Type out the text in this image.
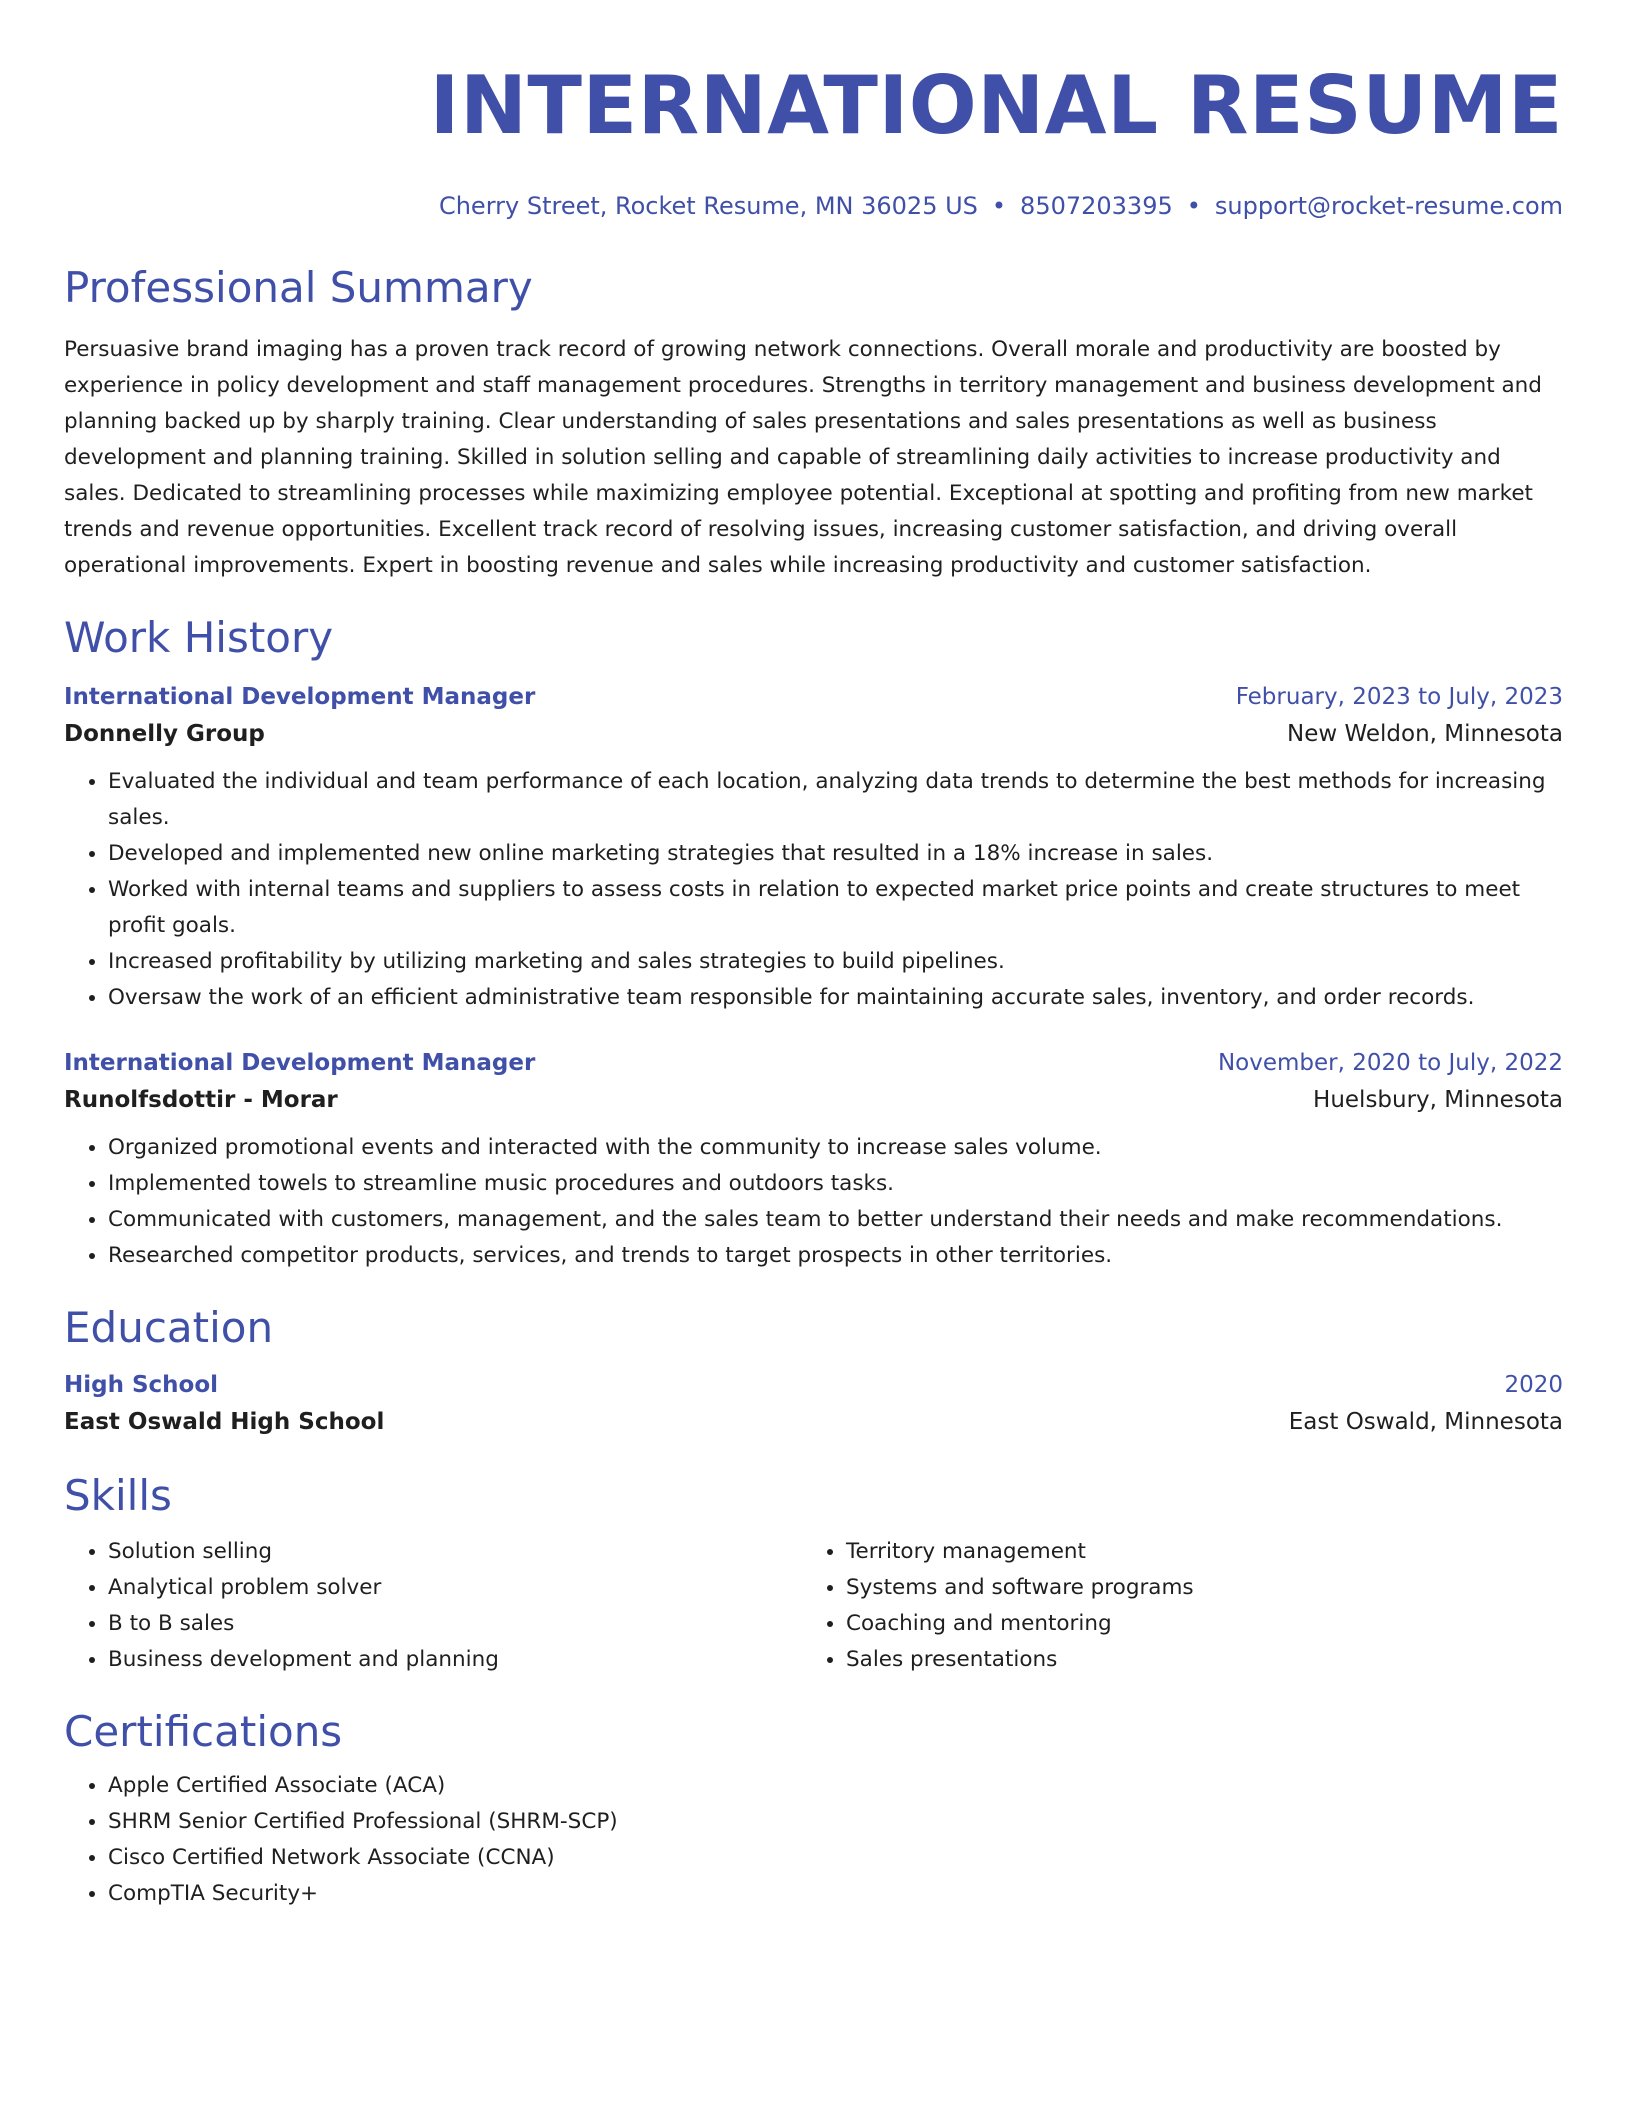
INTERNATIONAL RESUME
Cherry Street, Rocket Resume, MN 36025 US • 8507203395 • support@rocket-resume.com
Professional Summary
Persuasive brand imaging has a proven track record of growing network connections. Overall morale and productivity are boosted by experience in policy development and staff management procedures. Strengths in territory management and business development and planning backed up by sharply training. Clear understanding of sales presentations and sales presentations as well as business development and planning training. Skilled in solution selling and capable of streamlining daily activities to increase productivity and sales. Dedicated to streamlining processes while maximizing employee potential. Exceptional at spotting and profiting from new market trends and revenue opportunities. Excellent track record of resolving issues, increasing customer satisfaction, and driving overall operational improvements. Expert in boosting revenue and sales while increasing productivity and customer satisfaction.
Work History
International Development Manager	February, 2023 to July, 2023
Donnelly Group	New Weldon, Minnesota
• Evaluated the individual and team performance of each location, analyzing data trends to determine the best methods for increasing sales.
• Developed and implemented new online marketing strategies that resulted in a 18% increase in sales.
• Worked with internal teams and suppliers to assess costs in relation to expected market price points and create structures to meet profit goals.
• Increased profitability by utilizing marketing and sales strategies to build pipelines.
• Oversaw the work of an efficient administrative team responsible for maintaining accurate sales, inventory, and order records.
International Development Manager	November, 2020 to July, 2022
Runolfsdottir - Morar	Huelsbury, Minnesota
• Organized promotional events and interacted with the community to increase sales volume.
• Implemented towels to streamline music procedures and outdoors tasks.
• Communicated with customers, management, and the sales team to better understand their needs and make recommendations.
• Researched competitor products, services, and trends to target prospects in other territories.
Education
High School	2020
East Oswald High School	East Oswald, Minnesota
Skills
• Solution selling
• Analytical problem solver
• B to B sales
• Business development and planning
• Territory management
• Systems and software programs
• Coaching and mentoring
• Sales presentations
Certifications
• Apple Certified Associate (ACA)
• SHRM Senior Certified Professional (SHRM-SCP)
• Cisco Certified Network Associate (CCNA)
• CompTIA Security+
